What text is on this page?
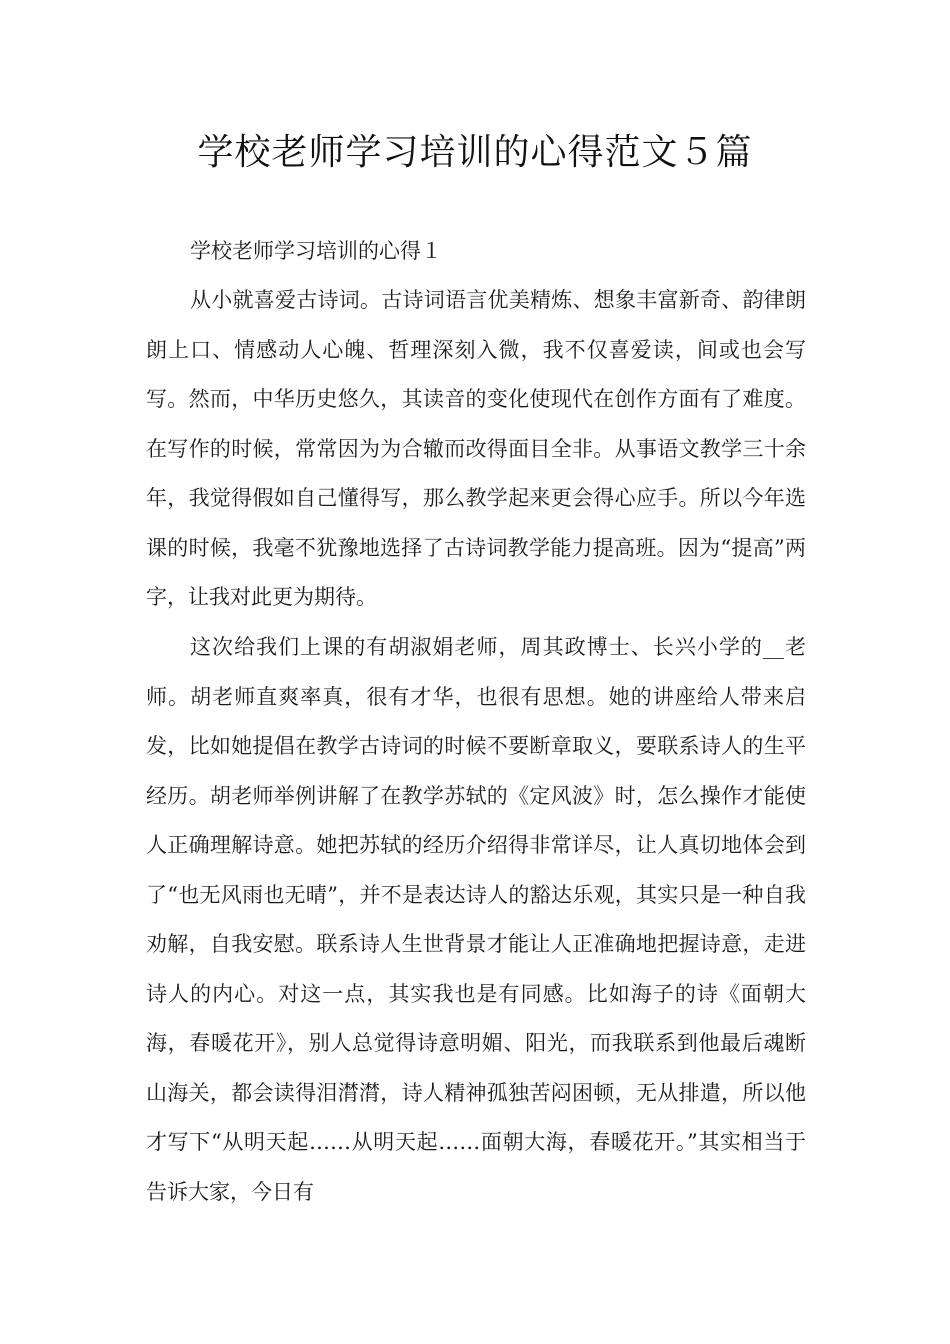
学校老师学习培训的心得范文５篇

学校老师学习培训的心得１

从小就喜爱古诗词。古诗词语言优美精炼、想象丰富新奇、韵律朗朗上口、情感动人心魄、哲理深刻入微，我不仅喜爱读，间或也会写写。然而，中华历史悠久，其读音的变化使现代在创作方面有了难度。在写作的时候，常常因为为合辙而改得面目全非。从事语文教学三十余年，我觉得假如自己懂得写，那么教学起来更会得心应手。所以今年选课的时候，我毫不犹豫地选择了古诗词教学能力提高班。因为“提高”两字，让我对此更为期待。

这次给我们上课的有胡淑娟老师，周其政博士、长兴小学的__老师。胡老师直爽率真，很有才华，也很有思想。她的讲座给人带来启发，比如她提倡在教学古诗词的时候不要断章取义，要联系诗人的生平经历。胡老师举例讲解了在教学苏轼的《定风波》时，怎么操作才能使人正确理解诗意。她把苏轼的经历介绍得非常详尽，让人真切地体会到了“也无风雨也无晴”，并不是表达诗人的豁达乐观，其实只是一种自我劝解，自我安慰。联系诗人生世背景才能让人正准确地把握诗意，走进诗人的内心。对这一点，其实我也是有同感。比如海子的诗《面朝大海，春暖花开》，别人总觉得诗意明媚、阳光，而我联系到他最后魂断山海关，都会读得泪潸潸，诗人精神孤独苦闷困顿，无从排遣，所以他才写下“从明天起……从明天起……面朝大海，春暖花开。”其实相当于告诉大家，今日有
